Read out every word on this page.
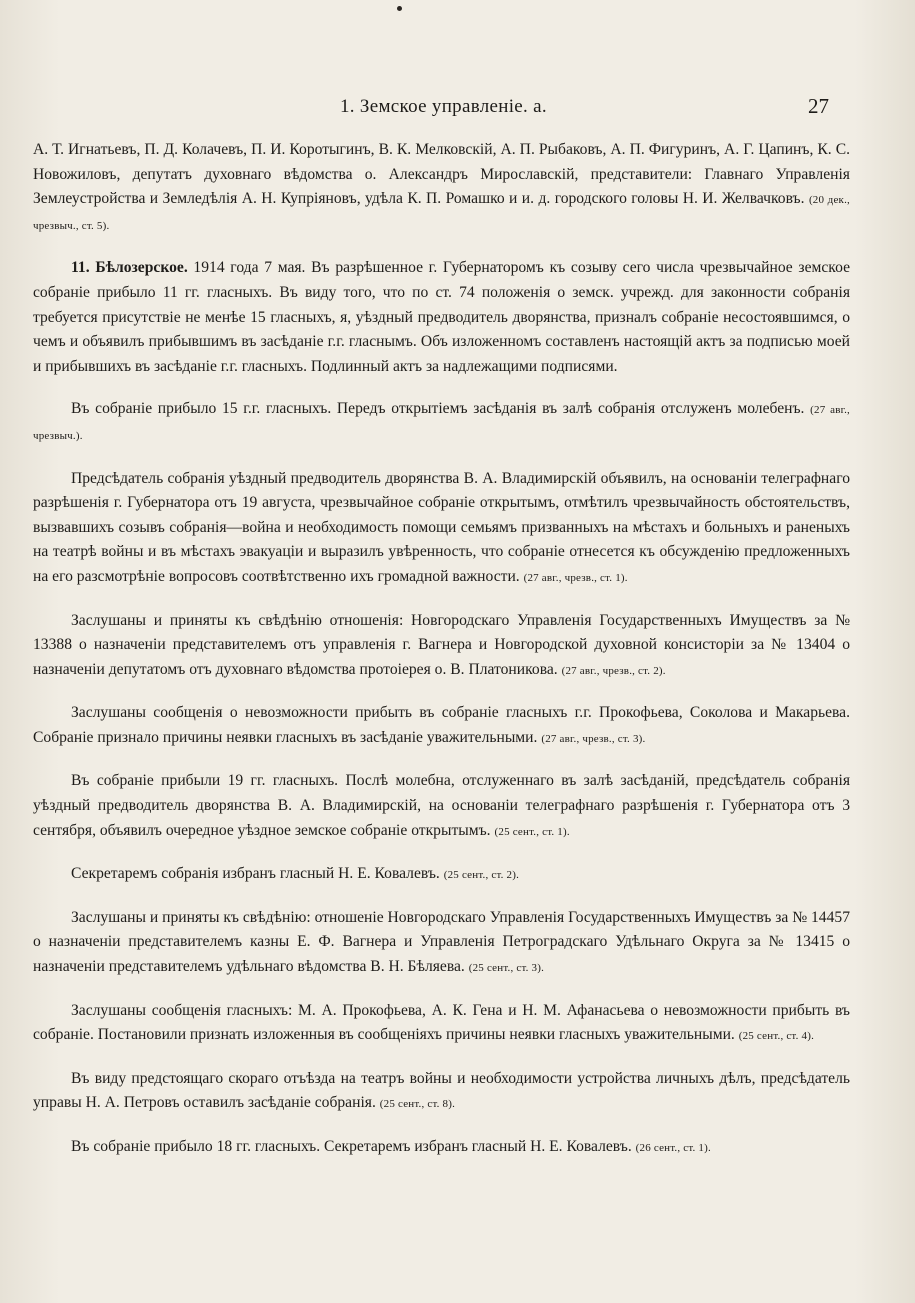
1. Земское управленіе. а.	27

А. Т. Игнатьевъ, П. Д. Колачевъ, П. И. Коротыгинъ, В. К. Мелковскій, А. П. Рыбаковъ, А. П. Фигуринъ, А. Г. Цапинъ, К. С. Новожиловъ, депутатъ духовнаго вѣдомства о. Александръ Мирославскій, представители: Главнаго Управленія Землеустройства и Земледѣлія А. Н. Купріяновъ, удѣла К. П. Ромашко и и. д. городского головы Н. И. Желвачковъ. (20 дек., чрезвыч., ст. 5).

11. Бѣлозерское. 1914 года 7 мая. Въ разрѣшенное г. Губернаторомъ къ созыву сего числа чрезвычайное земское собраніе прибыло 11 гг. гласныхъ. Въ виду того, что по ст. 74 положенія о земск. учрежд. для законности собранія требуется присутствіе не менѣе 15 гласныхъ, я, уѣздный предводитель дворянства, призналъ собраніе несостоявшимся, о чемъ и объявилъ прибывшимъ въ засѣданіе г.г. гласнымъ. Объ изложенномъ составленъ настоящій актъ за подписью моей и прибывшихъ въ засѣданіе г.г. гласныхъ. Подлинный актъ за надлежащими подписями.

Въ собраніе прибыло 15 г.г. гласныхъ. Передъ открытіемъ засѣданія въ залѣ собранія отслуженъ молебенъ. (27 авг., чрезвыч.).

Предсѣдатель собранія уѣздный предводитель дворянства В. А. Владимирскій объявилъ, на основаніи телеграфнаго разрѣшенія г. Губернатора отъ 19 августа, чрезвычайное собраніе открытымъ, отмѣтилъ чрезвычайность обстоятельствъ, вызвавшихъ созывъ собранія—война и необходимость помощи семьямъ призванныхъ на мѣстахъ и больныхъ и раненыхъ на театрѣ войны и въ мѣстахъ эвакуаціи и выразилъ увѣренность, что собраніе отнесется къ обсужденію предложенныхъ на его разсмотрѣніе вопросовъ соотвѣтственно ихъ громадной важности. (27 авг., чрезв., ст. 1).

Заслушаны и приняты къ свѣдѣнію отношенія: Новгородскаго Управленія Государственныхъ Имуществъ за № 13388 о назначеніи представителемъ отъ управленія г. Вагнера и Новгородской духовной консисторіи за № 13404 о назначеніи депутатомъ отъ духовнаго вѣдомства протоіерея о. В. Платоникова. (27 авг., чрезв., ст. 2).

Заслушаны сообщенія о невозможности прибыть въ собраніе гласныхъ г.г. Прокофьева, Соколова и Макарьева. Собраніе признало причины неявки гласныхъ въ засѣданіе уважительными. (27 авг., чрезв., ст. 3).

Въ собраніе прибыли 19 гг. гласныхъ. Послѣ молебна, отслуженнаго въ залѣ засѣданій, предсѣдатель собранія уѣздный предводитель дворянства В. А. Владимирскій, на основаніи телеграфнаго разрѣшенія г. Губернатора отъ 3 сентября, объявилъ очередное уѣздное земское собраніе открытымъ. (25 сент., ст. 1).

Секретаремъ собранія избранъ гласный Н. Е. Ковалевъ. (25 сент., ст. 2).

Заслушаны и приняты къ свѣдѣнію: отношеніе Новгородскаго Управленія Государственныхъ Имуществъ за № 14457 о назначеніи представителемъ казны Е. Ф. Вагнера и Управленія Петроградскаго Удѣльнаго Округа за № 13415 о назначеніи представителемъ удѣльнаго вѣдомства В. Н. Бѣляева. (25 сент., ст. 3).

Заслушаны сообщенія гласныхъ: М. А. Прокофьева, А. К. Гена и Н. М. Афанасьева о невозможности прибыть въ собраніе. Постановили признать изложенныя въ сообщеніяхъ причины неявки гласныхъ уважительными. (25 сент., ст. 4).

Въ виду предстоящаго скораго отъѣзда на театръ войны и необходимости устройства личныхъ дѣлъ, предсѣдатель управы Н. А. Петровъ оставилъ засѣданіе собранія. (25 сент., ст. 8).

Въ собраніе прибыло 18 гг. гласныхъ. Секретаремъ избранъ гласный Н. Е. Ковалевъ. (26 сент., ст. 1).
